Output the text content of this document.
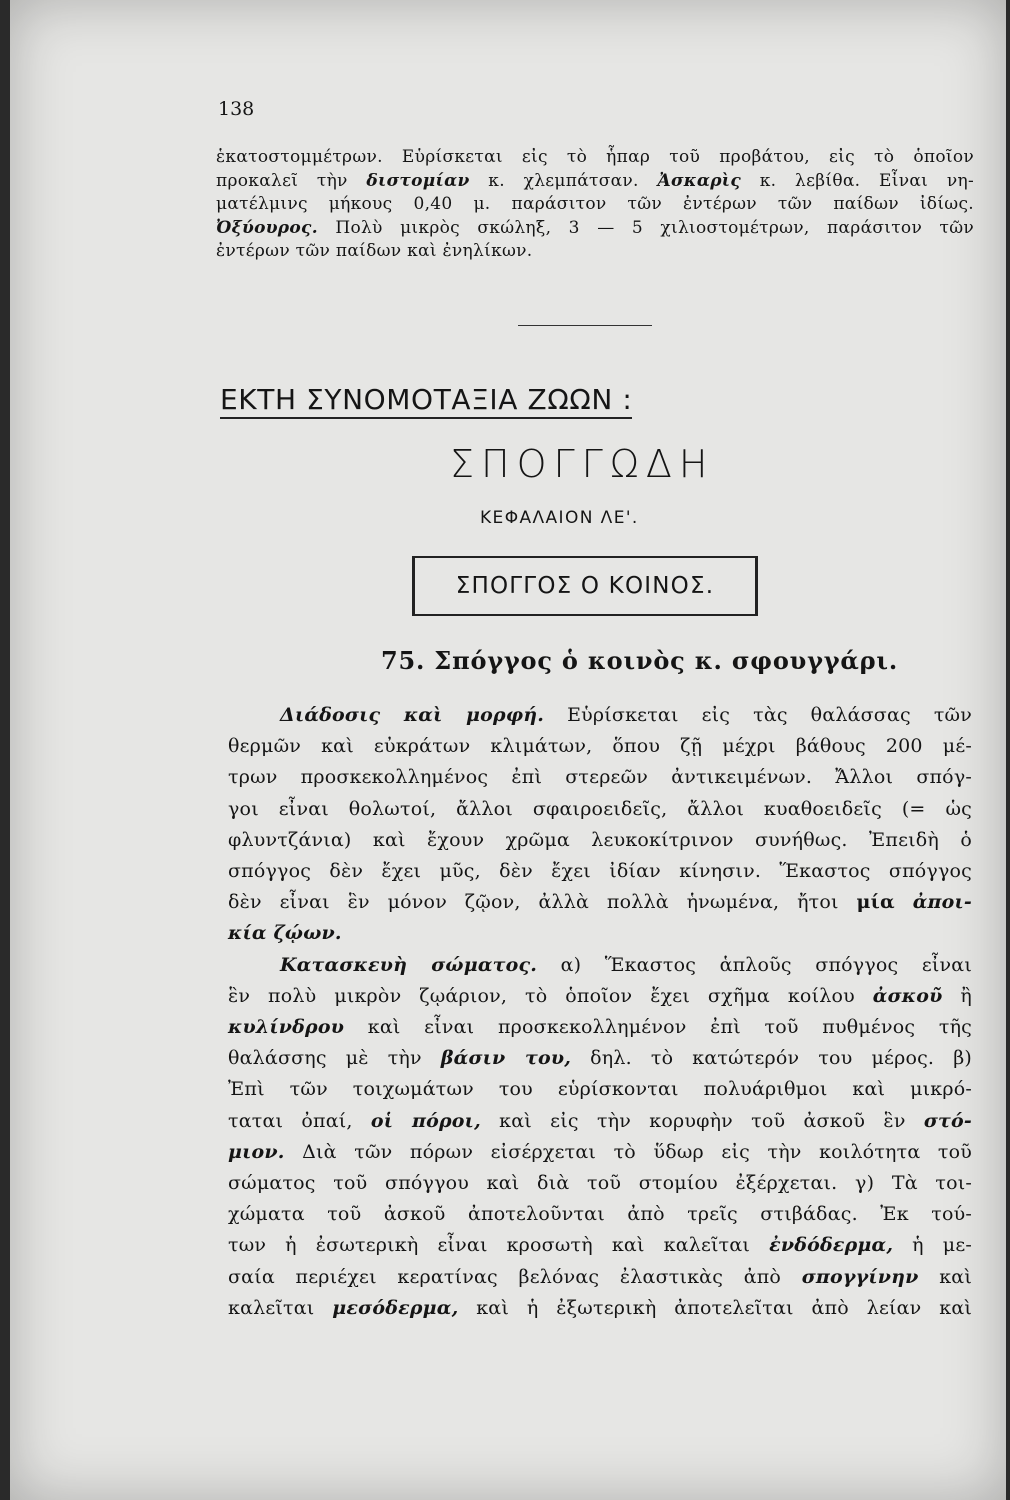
138
ἑκατοστομμέτρων. Εὑρίσκεται εἰς τὸ ἧπαρ τοῦ προβάτου, εἰς τὸ ὁποῖον
προκαλεῖ τὴν διστομίαν κ. χλεμπάτσαν. Ἀσκαρὶς κ. λεβίθα. Εἶναι νη-
ματέλμινς μήκους 0,40 μ. παράσιτον τῶν ἐντέρων τῶν παίδων ἰδίως.
Ὀξύουρος. Πολὺ μικρὸς σκώληξ, 3 — 5 χιλιοστομέτρων, παράσιτον τῶν
ἐντέρων τῶν παίδων καὶ ἐνηλίκων.
ΕΚΤΗ ΣΥΝΟΜΟΤΑΞΙΑ ΖΩΩΝ :
ΣΠΟΓΓΩΔΗ
ΚΕΦΑΛΑΙΟΝ ΛΕ'.
ΣΠΟΓΓΟΣ Ο ΚΟΙΝΟΣ.
75. Σπόγγος ὁ κοινὸς κ. σφουγγάρι.
Διάδοσις καὶ μορφή. Εὑρίσκεται εἰς τὰς θαλάσσας τῶν
θερμῶν καὶ εὐκράτων κλιμάτων, ὅπου ζῇ μέχρι βάθους 200 μέ-
τρων προσκεκολλημένος ἐπὶ στερεῶν ἀντικειμένων. Ἄλλοι σπόγ-
γοι εἶναι θολωτοί, ἄλλοι σφαιροειδεῖς, ἄλλοι κυαθοειδεῖς (= ὡς
φλυντζάνια) καὶ ἔχουν χρῶμα λευκοκίτρινον συνήθως. Ἐπειδὴ ὁ
σπόγγος δὲν ἔχει μῦς, δὲν ἔχει ἰδίαν κίνησιν. Ἕκαστος σπόγγος
δὲν εἶναι ἓν μόνον ζῷον, ἀλλὰ πολλὰ ἡνωμένα, ἤτοι μία ἀποι-
κία ζῴων.
Κατασκευὴ σώματος. α) Ἕκαστος ἁπλοῦς σπόγγος εἶναι
ἓν πολὺ μικρὸν ζῳάριον, τὸ ὁποῖον ἔχει σχῆμα κοίλου ἀσκοῦ ἢ
κυλίνδρου καὶ εἶναι προσκεκολλημένον ἐπὶ τοῦ πυθμένος τῆς
θαλάσσης μὲ τὴν βάσιν του, δηλ. τὸ κατώτερόν του μέρος. β)
Ἐπὶ τῶν τοιχωμάτων του εὑρίσκονται πολυάριθμοι καὶ μικρό-
ταται ὀπαί, οἱ πόροι, καὶ εἰς τὴν κορυφὴν τοῦ ἀσκοῦ ἓν στό-
μιον. Διὰ τῶν πόρων εἰσέρχεται τὸ ὕδωρ εἰς τὴν κοιλότητα τοῦ
σώματος τοῦ σπόγγου καὶ διὰ τοῦ στομίου ἐξέρχεται. γ) Τὰ τοι-
χώματα τοῦ ἀσκοῦ ἀποτελοῦνται ἀπὸ τρεῖς στιβάδας. Ἐκ τού-
των ἡ ἐσωτερικὴ εἶναι κροσωτὴ καὶ καλεῖται ἐνδόδερμα, ἡ με-
σαία περιέχει κερατίνας βελόνας ἐλαστικὰς ἀπὸ σπογγίνην καὶ
καλεῖται μεσόδερμα, καὶ ἡ ἐξωτερικὴ ἀποτελεῖται ἀπὸ λείαν καὶ
